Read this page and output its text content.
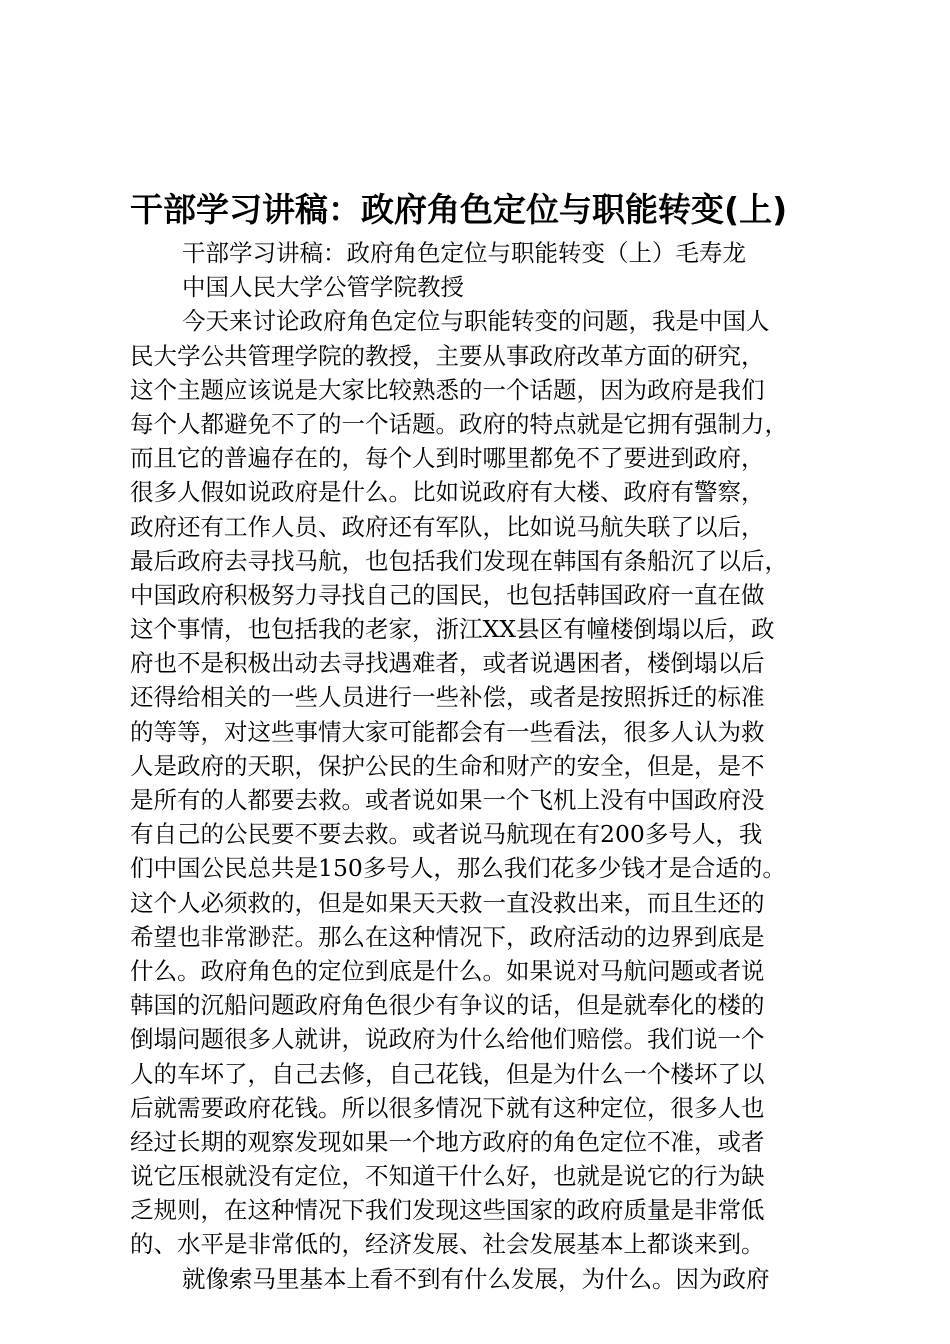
干部学习讲稿：政府角色定位与职能转变(上)
干部学习讲稿：政府角色定位与职能转变（上）毛寿龙
中国人民大学公管学院教授
今天来讨论政府角色定位与职能转变的问题，我是中国人
民大学公共管理学院的教授，主要从事政府改革方面的研究，
这个主题应该说是大家比较熟悉的一个话题，因为政府是我们
每个人都避免不了的一个话题。政府的特点就是它拥有强制力，
而且它的普遍存在的，每个人到时哪里都免不了要进到政府，
很多人假如说政府是什么。比如说政府有大楼、政府有警察，
政府还有工作人员、政府还有军队，比如说马航失联了以后，
最后政府去寻找马航，也包括我们发现在韩国有条船沉了以后，
中国政府积极努力寻找自己的国民，也包括韩国政府一直在做
这个事情，也包括我的老家，浙江XX县区有幢楼倒塌以后，政
府也不是积极出动去寻找遇难者，或者说遇困者，楼倒塌以后
还得给相关的一些人员进行一些补偿，或者是按照拆迁的标准
的等等，对这些事情大家可能都会有一些看法，很多人认为救
人是政府的天职，保护公民的生命和财产的安全，但是，是不
是所有的人都要去救。或者说如果一个飞机上没有中国政府没
有自己的公民要不要去救。或者说马航现在有200多号人，我
们中国公民总共是150多号人，那么我们花多少钱才是合适的。
这个人必须救的，但是如果天天救一直没救出来，而且生还的
希望也非常渺茫。那么在这种情况下，政府活动的边界到底是
什么。政府角色的定位到底是什么。如果说对马航问题或者说
韩国的沉船问题政府角色很少有争议的话，但是就奉化的楼的
倒塌问题很多人就讲，说政府为什么给他们赔偿。我们说一个
人的车坏了，自己去修，自己花钱，但是为什么一个楼坏了以
后就需要政府花钱。所以很多情况下就有这种定位，很多人也
经过长期的观察发现如果一个地方政府的角色定位不准，或者
说它压根就没有定位，不知道干什么好，也就是说它的行为缺
乏规则，在这种情况下我们发现这些国家的政府质量是非常低
的、水平是非常低的，经济发展、社会发展基本上都谈来到。
就像索马里基本上看不到有什么发展，为什么。因为政府
